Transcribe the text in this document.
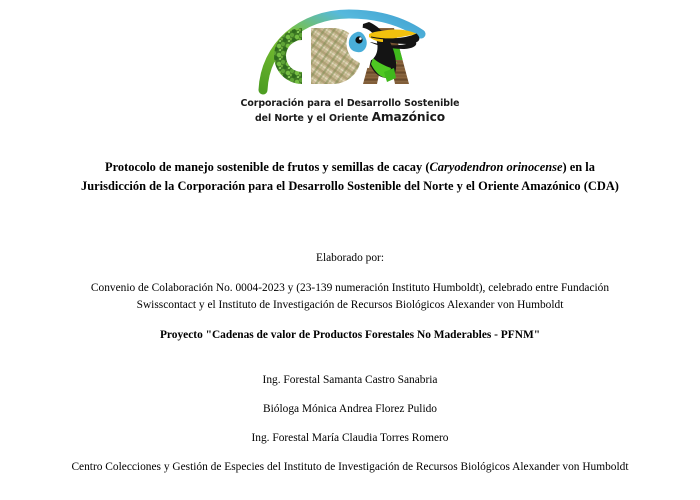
Corporación para el Desarrollo Sostenible
del Norte y el Oriente Amazónico
Protocolo de manejo sostenible de frutos y semillas de cacay (Caryodendron orinocense) en la Jurisdicción de la Corporación para el Desarrollo Sostenible del Norte y el Oriente Amazónico (CDA)
Elaborado por:
Convenio de Colaboración No. 0004-2023 y (23-139 numeración Instituto Humboldt), celebrado entre Fundación Swisscontact y el Instituto de Investigación de Recursos Biológicos Alexander von Humboldt
Proyecto "Cadenas de valor de Productos Forestales No Maderables - PFNM"
Ing. Forestal Samanta Castro Sanabria
Bióloga Mónica Andrea Florez Pulido
Ing. Forestal María Claudia Torres Romero
Centro Colecciones y Gestión de Especies del Instituto de Investigación de Recursos Biológicos Alexander von Humboldt
